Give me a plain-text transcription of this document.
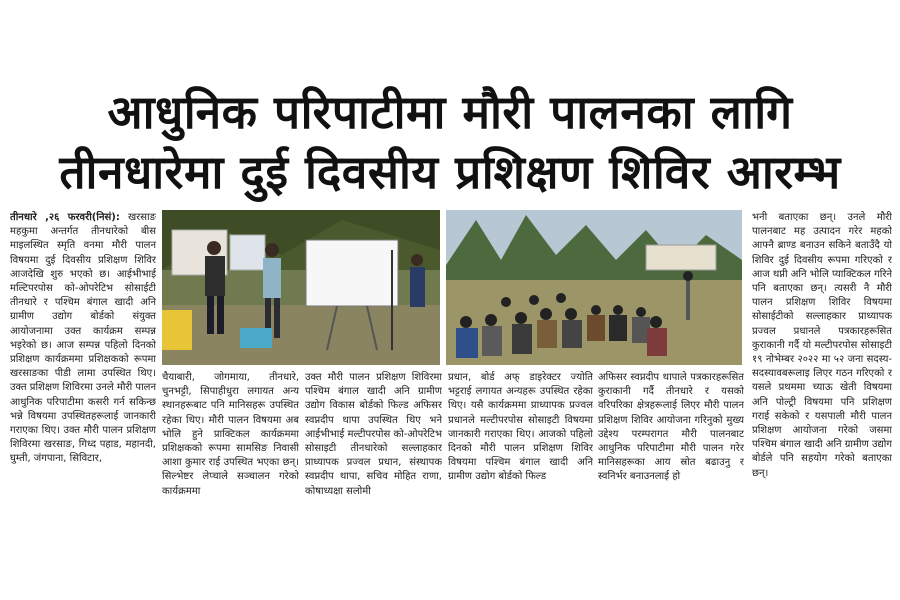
आधुनिक परिपाटीमा मौरी पालनका लागि
तीनधारेमा दुई दिवसीय प्रशिक्षण शिविर आरम्भ
तीनधारे ,२६ फरवरी(निसं): खरसाङ महकुमा अन्तर्गत तीनधारेको बीस माइलस्थित स्मृति वनमा मौरी पालन विषयमा दुई दिवसीय प्रशिक्षण शिविर आजदेखि शुरु भएको छ। आईभीभाई मल्टिपरपोस को-ओपरेटिभ सोसाईटी तीनधारे र पश्चिम बंगाल खादी अनि ग्रामीण उद्योग बोर्डको संयुक्त आयोजनामा उक्त कार्यक्रम सम्पन्न भइरेको छ। आज सम्पन्न पहिलो दिनको प्रशिक्षण कार्यक्रममा प्रशिक्षकको रूपमा खरसाङका पीडी लामा उपस्थित थिए। उक्त प्रशिक्षण शिविरमा उनले मौरी पालन आधुनिक परिपाटीमा कसरी गर्न सकिन्छ भन्ने विषयमा उपस्थितहरूलाई जानकारी गराएका थिए। उक्त मौरी पालन प्रशिक्षण शिविरमा खरसाङ, गिध्द पहाड, महानदी, घुम्ती, जंगपाना, सिविटार,
चैयाबारी, जोगमाया, तीनधारे, चुनभट्टी, सिपाहीधुरा लगायत अन्य स्थानहरूबाट पनि मानिसहरू उपस्थित रहेका थिए। मौरी पालन विषयमा अब भोलि हुने प्राक्टिकल कार्यक्रममा प्रशिक्षकको रूपमा सामसिङ निवासी आशा कुमार राई उपस्थित भएका छन्। सिल्भेष्टर लेप्चाले सञ्चालन गरेको कार्यक्रममा
उक्त मौरी पालन प्रशिक्षण शिविरमा पश्चिम बंगाल खादी अनि ग्रामीण उद्योग विकास बोर्डको फिल्ड अफिसर स्वप्नदीप थापा उपस्थित थिए भने आईभीभाई मल्टीपरपोस को-ओपरेटिभ सोसाइटी तीनधारेको सल्लाहकार प्राध्यापक प्रज्वल प्रधान, संस्थापक स्वप्नदीप थापा, सचिव मोहित राणा, कोषाध्यक्षा सलोमी
प्रधान, बोर्ड अफ् डाइरेक्टर ज्योति भट्टराई लगायत अन्यहरू उपस्थित रहेका थिए। यसै कार्यक्रममा प्राध्यापक प्रज्वल प्रधानले मल्टीपरपोस सोसाइटी विषयमा जानकारी गराएका थिए। आजको पहिलो दिनको मौरी पालन प्रशिक्षण शिविर विषयमा पश्चिम बंगाल खादी अनि ग्रामीण उद्योग बोर्डको फिल्ड
अफिसर स्वप्नदीप थापाले पत्रकारहरूसित कुराकानी गर्दै तीनधारे र यसको वरिपरिका क्षेत्रहरूलाई लिएर मौरी पालन प्रशिक्षण शिविर आयोजना गरिनुको मुख्य उद्देश्य परम्परागत मौरी पालनबाट आधुनिक परिपाटीमा मौरी पालन गरेर मानिसहरूका आय स्रोत बढाउनु र स्वनिर्भर बनाउनलाई हो
भनी बताएका छन्। उनले मौरी पालनबाट मह उत्पादन गरेर महको आफ्नै ब्राण्ड बनाउन सकिने बताउँदै यो शिविर दुई दिवसीय रूपमा गरिएको र आज थप्नी अनि भोलि प्याक्टिकल गरिने पनि बताएका छन्। त्यसरी नै मौरी पालन प्रशिक्षण शिविर विषयमा सोसाईटीको सल्लाहकार प्राध्यापक प्रज्वल प्रधानले पत्रकारहरूसित कुराकानी गर्दै यो मल्टीपरपोस सोसाइटी १९ नोभेम्बर २०२२ मा ५२ जना सदस्य-सदस्यावबरूलाइ लिएर गठन गरिएको र यसले प्रथममा च्याऊ खेती विषयमा अनि पोल्ट्री विषयमा पनि प्रशिक्षण गराई सकेको र यसपाली मौरी पालन प्रशिक्षण आयोजना गरेको जसमा पश्चिम बंगाल खादी अनि ग्रामीण उद्योग बोर्डले पनि सहयोग गरेको बताएका छन्।
